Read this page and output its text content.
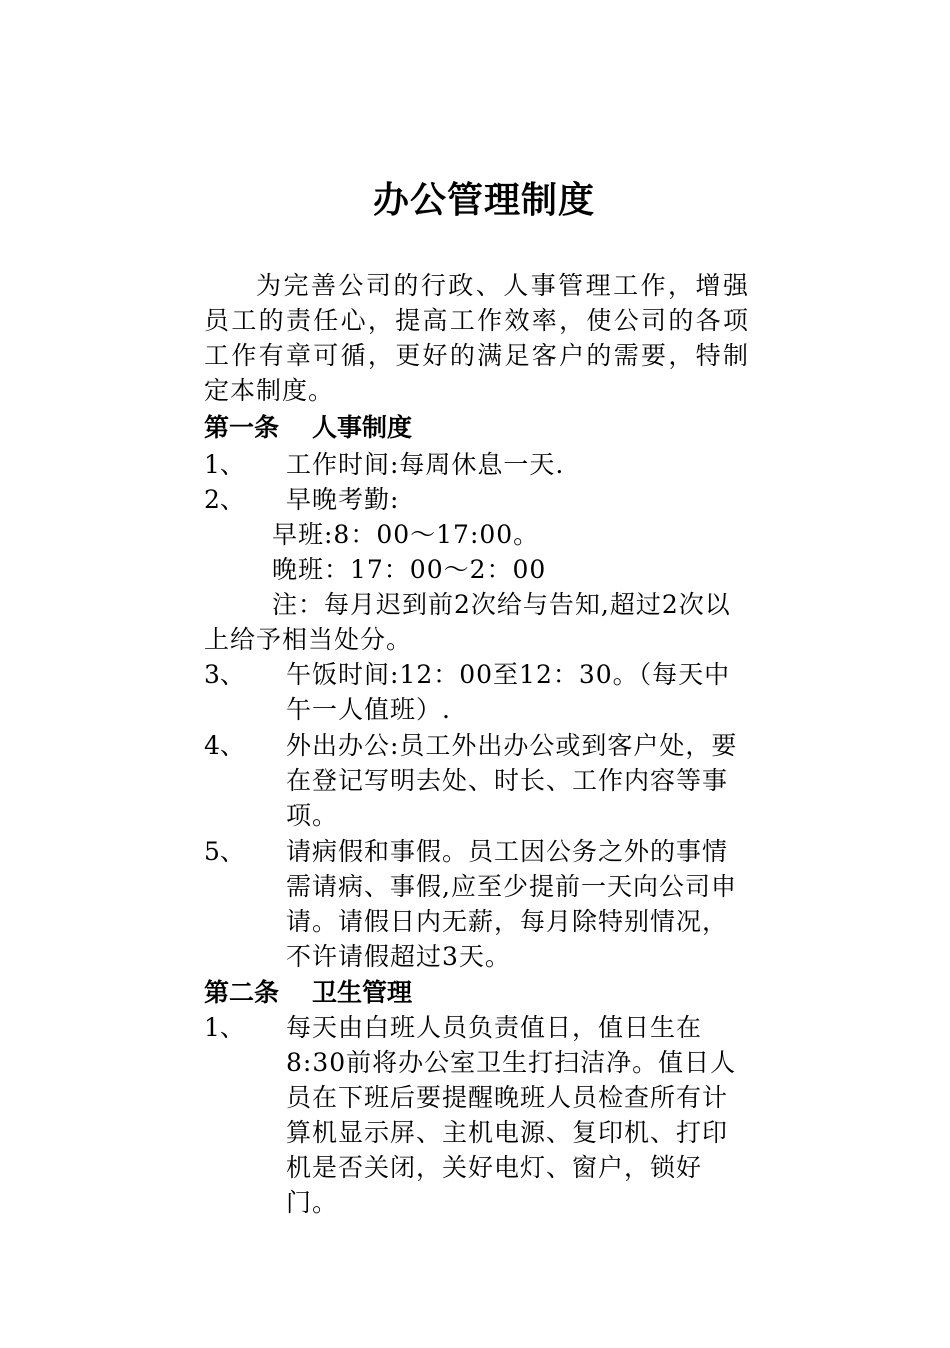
办公管理制度
为完善公司的行政、人事管理工作，增强员工的责任心，提高工作效率，使公司的各项工作有章可循，更好的满足客户的需要，特制定本制度。
第一条 人事制度
1、 工作时间:每周休息一天.
2、 早晚考勤:
早班:8：00～17:00。
晚班：17：00～2：00
注：每月迟到前2次给与告知,超过2次以上给予相当处分。
3、 午饭时间:12：00至12：30。（每天中午一人值班）.
4、 外出办公:员工外出办公或到客户处，要在登记写明去处、时长、工作内容等事项。
5、 请病假和事假。员工因公务之外的事情需请病、事假,应至少提前一天向公司申请。请假日内无薪，每月除特别情况，不许请假超过3天。
第二条 卫生管理
1、 每天由白班人员负责值日，值日生在8:30前将办公室卫生打扫洁净。值日人员在下班后要提醒晚班人员检查所有计算机显示屏、主机电源、复印机、打印机是否关闭，关好电灯、窗户，锁好门。
